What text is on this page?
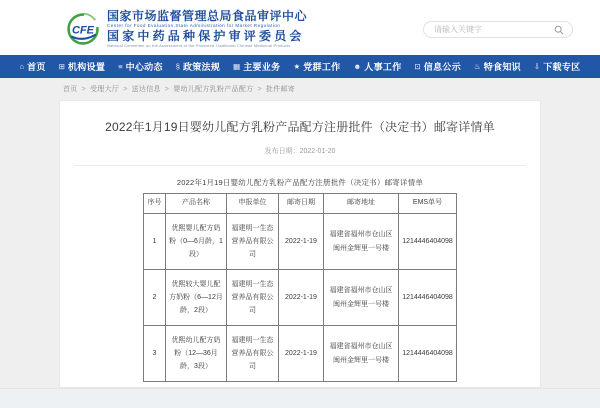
CFE
国家市场监督管理总局食品审评中心
Center for Food Evaluation,State Administration for Market Regulation
国家中药品种保护审评委员会
National Committee on the Assessment of the Protected Traditional Chinese Medicinal Products
请输入关键字
⌂ 首页 ⊞ 机构设置 ≡ 中心动态 § 政策法规 ▦ 主要业务 ★ 党群工作 ☻ 人事工作 ⊡ 信息公示 ♨ 特食知识 ⇩ 下载专区
首页 > 受理大厅 > 送达信息 > 婴幼儿配方乳粉产品配方 > 批件邮寄
2022年1月19日婴幼儿配方乳粉产品配方注册批件（决定书）邮寄详情单
发布日期：2022-01-20
2022年1月19日婴幼儿配方乳粉产品配方注册批件（决定书）邮寄详情单
序号	产品名称	申报单位	邮寄日期	邮寄地址	EMS单号
1	优熙婴儿配方奶粉（0—6月龄，1段）	福建明一生态营养品有限公司	2022-1-19	福建省福州市仓山区闽州金辉里一号楼	1214446404098
2	优熙较大婴儿配方奶粉（6—12月龄，2段）	福建明一生态营养品有限公司	2022-1-19	福建省福州市仓山区闽州金辉里一号楼	1214446404098
3	优熙幼儿配方奶粉（12—36月龄，3段）	福建明一生态营养品有限公司	2022-1-19	福建省福州市仓山区闽州金辉里一号楼	1214446404098
